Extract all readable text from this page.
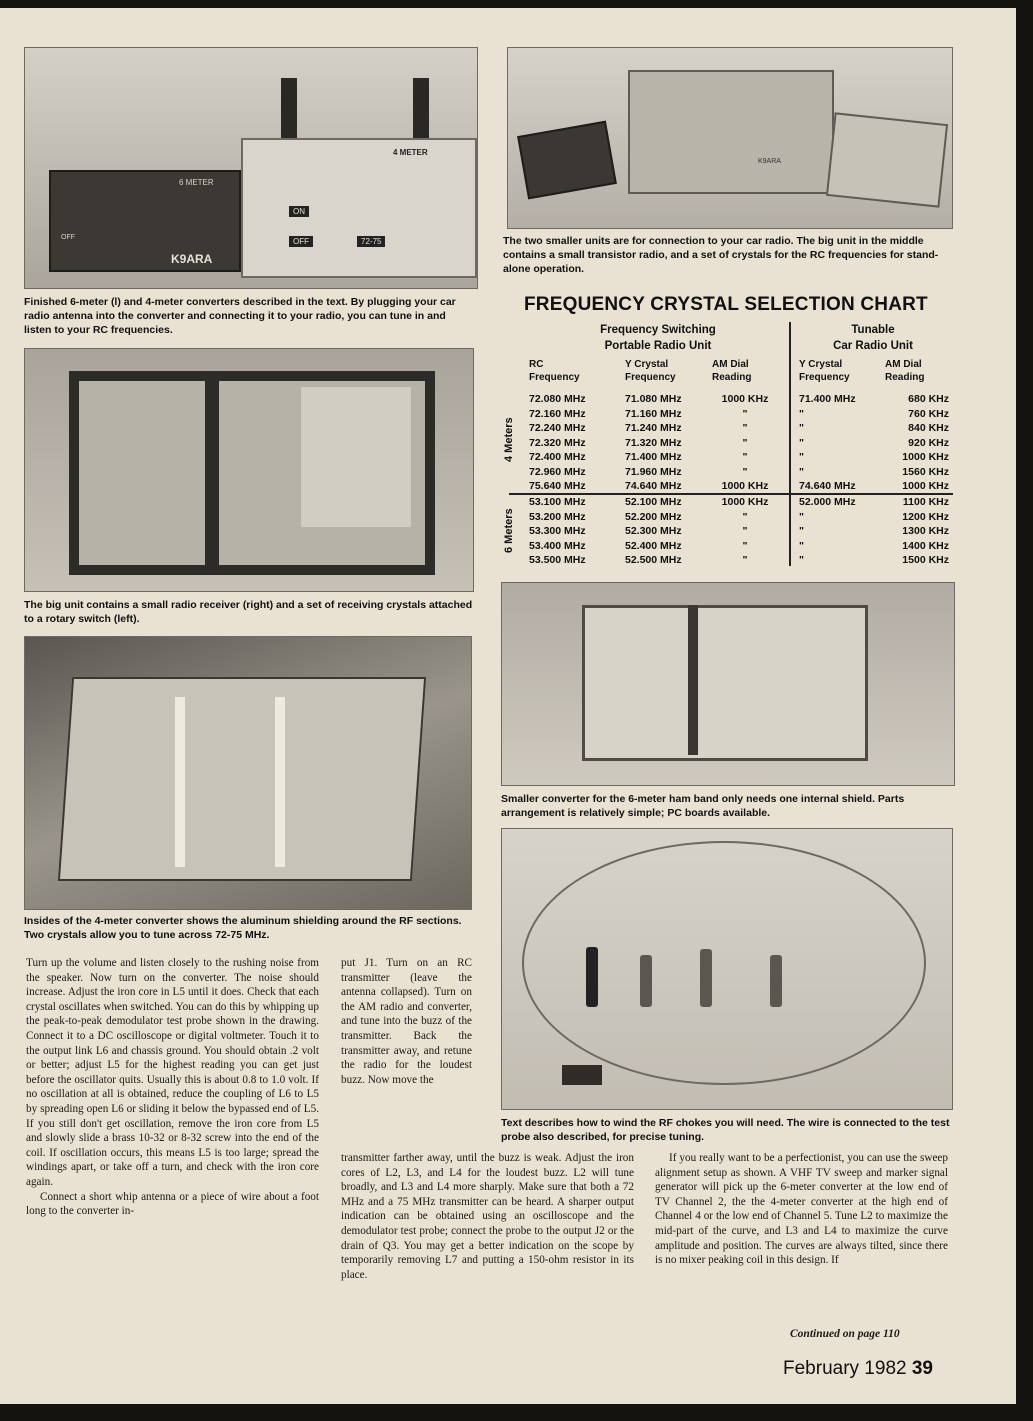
6 METER
K9ARA
OFF
4 METER
ON
OFF	72-75
K9ARA

The two smaller units are for connection to your car radio. The big unit in the middle contains a small transistor radio, and a set of crystals for the RC frequencies for stand-alone operation.

Finished 6-meter (l) and 4-meter converters described in the text. By plugging your car radio antenna into the converter and connecting it to your radio, you can tune in and listen to your RC frequencies.

The big unit contains a small radio receiver (right) and a set of receiving crystals attached to a rotary switch (left).

Insides of the 4-meter converter shows the aluminum shielding around the RF sections. Two crystals allow you to tune across 72-75 MHz.

FREQUENCY CRYSTAL SELECTION CHART
Frequency Switching
Portable Radio Unit
Tunable
Car Radio Unit
RC
Frequency
Y Crystal
Frequency
AM Dial
Reading
Y Crystal
Frequency
AM Dial
Reading
4 Meters
6 Meters
72.080 MHz	71.080 MHz	1000 KHz	71.400 MHz	680 KHz
72.160 MHz	71.160 MHz	"	"	760 KHz
72.240 MHz	71.240 MHz	"	"	840 KHz
72.320 MHz	71.320 MHz	"	"	920 KHz
72.400 MHz	71.400 MHz	"	"	1000 KHz
72.960 MHz	71.960 MHz	"	"	1560 KHz
75.640 MHz	74.640 MHz	1000 KHz	74.640 MHz	1000 KHz
53.100 MHz	52.100 MHz	1000 KHz	52.000 MHz	1100 KHz
53.200 MHz	52.200 MHz	"	"	1200 KHz
53.300 MHz	52.300 MHz	"	"	1300 KHz
53.400 MHz	52.400 MHz	"	"	1400 KHz
53.500 MHz	52.500 MHz	"	"	1500 KHz

Smaller converter for the 6-meter ham band only needs one internal shield. Parts arrangement is relatively simple; PC boards available.

Text describes how to wind the RF chokes you will need. The wire is connected to the test probe also described, for precise tuning.

Turn up the volume and listen closely to the rushing noise from the speaker. Now turn on the converter. The noise should increase. Adjust the iron core in L5 until it does. Check that each crystal oscillates when switched. You can do this by whipping up the peak-to-peak demodulator test probe shown in the drawing. Connect it to a DC oscilloscope or digital voltmeter. Touch it to the output link L6 and chassis ground. You should obtain .2 volt or better; adjust L5 for the highest reading you can get just before the oscillator quits. Usually this is about 0.8 to 1.0 volt. If no oscillation at all is obtained, reduce the coupling of L6 to L5 by spreading open L6 or sliding it below the bypassed end of L5. If you still don't get oscillation, remove the iron core from L5 and slowly slide a brass 10-32 or 8-32 screw into the end of the coil. If oscillation occurs, this means L5 is too large; spread the windings apart, or take off a turn, and check with the iron core again.

Connect a short whip antenna or a piece of wire about a foot long to the converter in-

put J1. Turn on an RC transmitter (leave the antenna collapsed). Turn on the AM radio and converter, and tune into the buzz of the transmitter. Back the transmitter away, and retune the radio for the loudest buzz. Now move the

transmitter farther away, until the buzz is weak. Adjust the iron cores of L2, L3, and L4 for the loudest buzz. L2 will tune broadly, and L3 and L4 more sharply. Make sure that both a 72 MHz and a 75 MHz transmitter can be heard. A sharper output indication can be obtained using an oscilloscope and the demodulator test probe; connect the probe to the output J2 or the drain of Q3. You may get a better indication on the scope by temporarily removing L7 and putting a 150-ohm resistor in its place.

If you really want to be a perfectionist, you can use the sweep alignment setup as shown. A VHF TV sweep and marker signal generator will pick up the 6-meter converter at the low end of TV Channel 2, the the 4-meter converter at the high end of Channel 4 or the low end of Channel 5. Tune L2 to maximize the mid-part of the curve, and L3 and L4 to maximize the curve amplitude and position. The curves are always tilted, since there is no mixer peaking coil in this design. If

Continued on page 110

February 1982 39
